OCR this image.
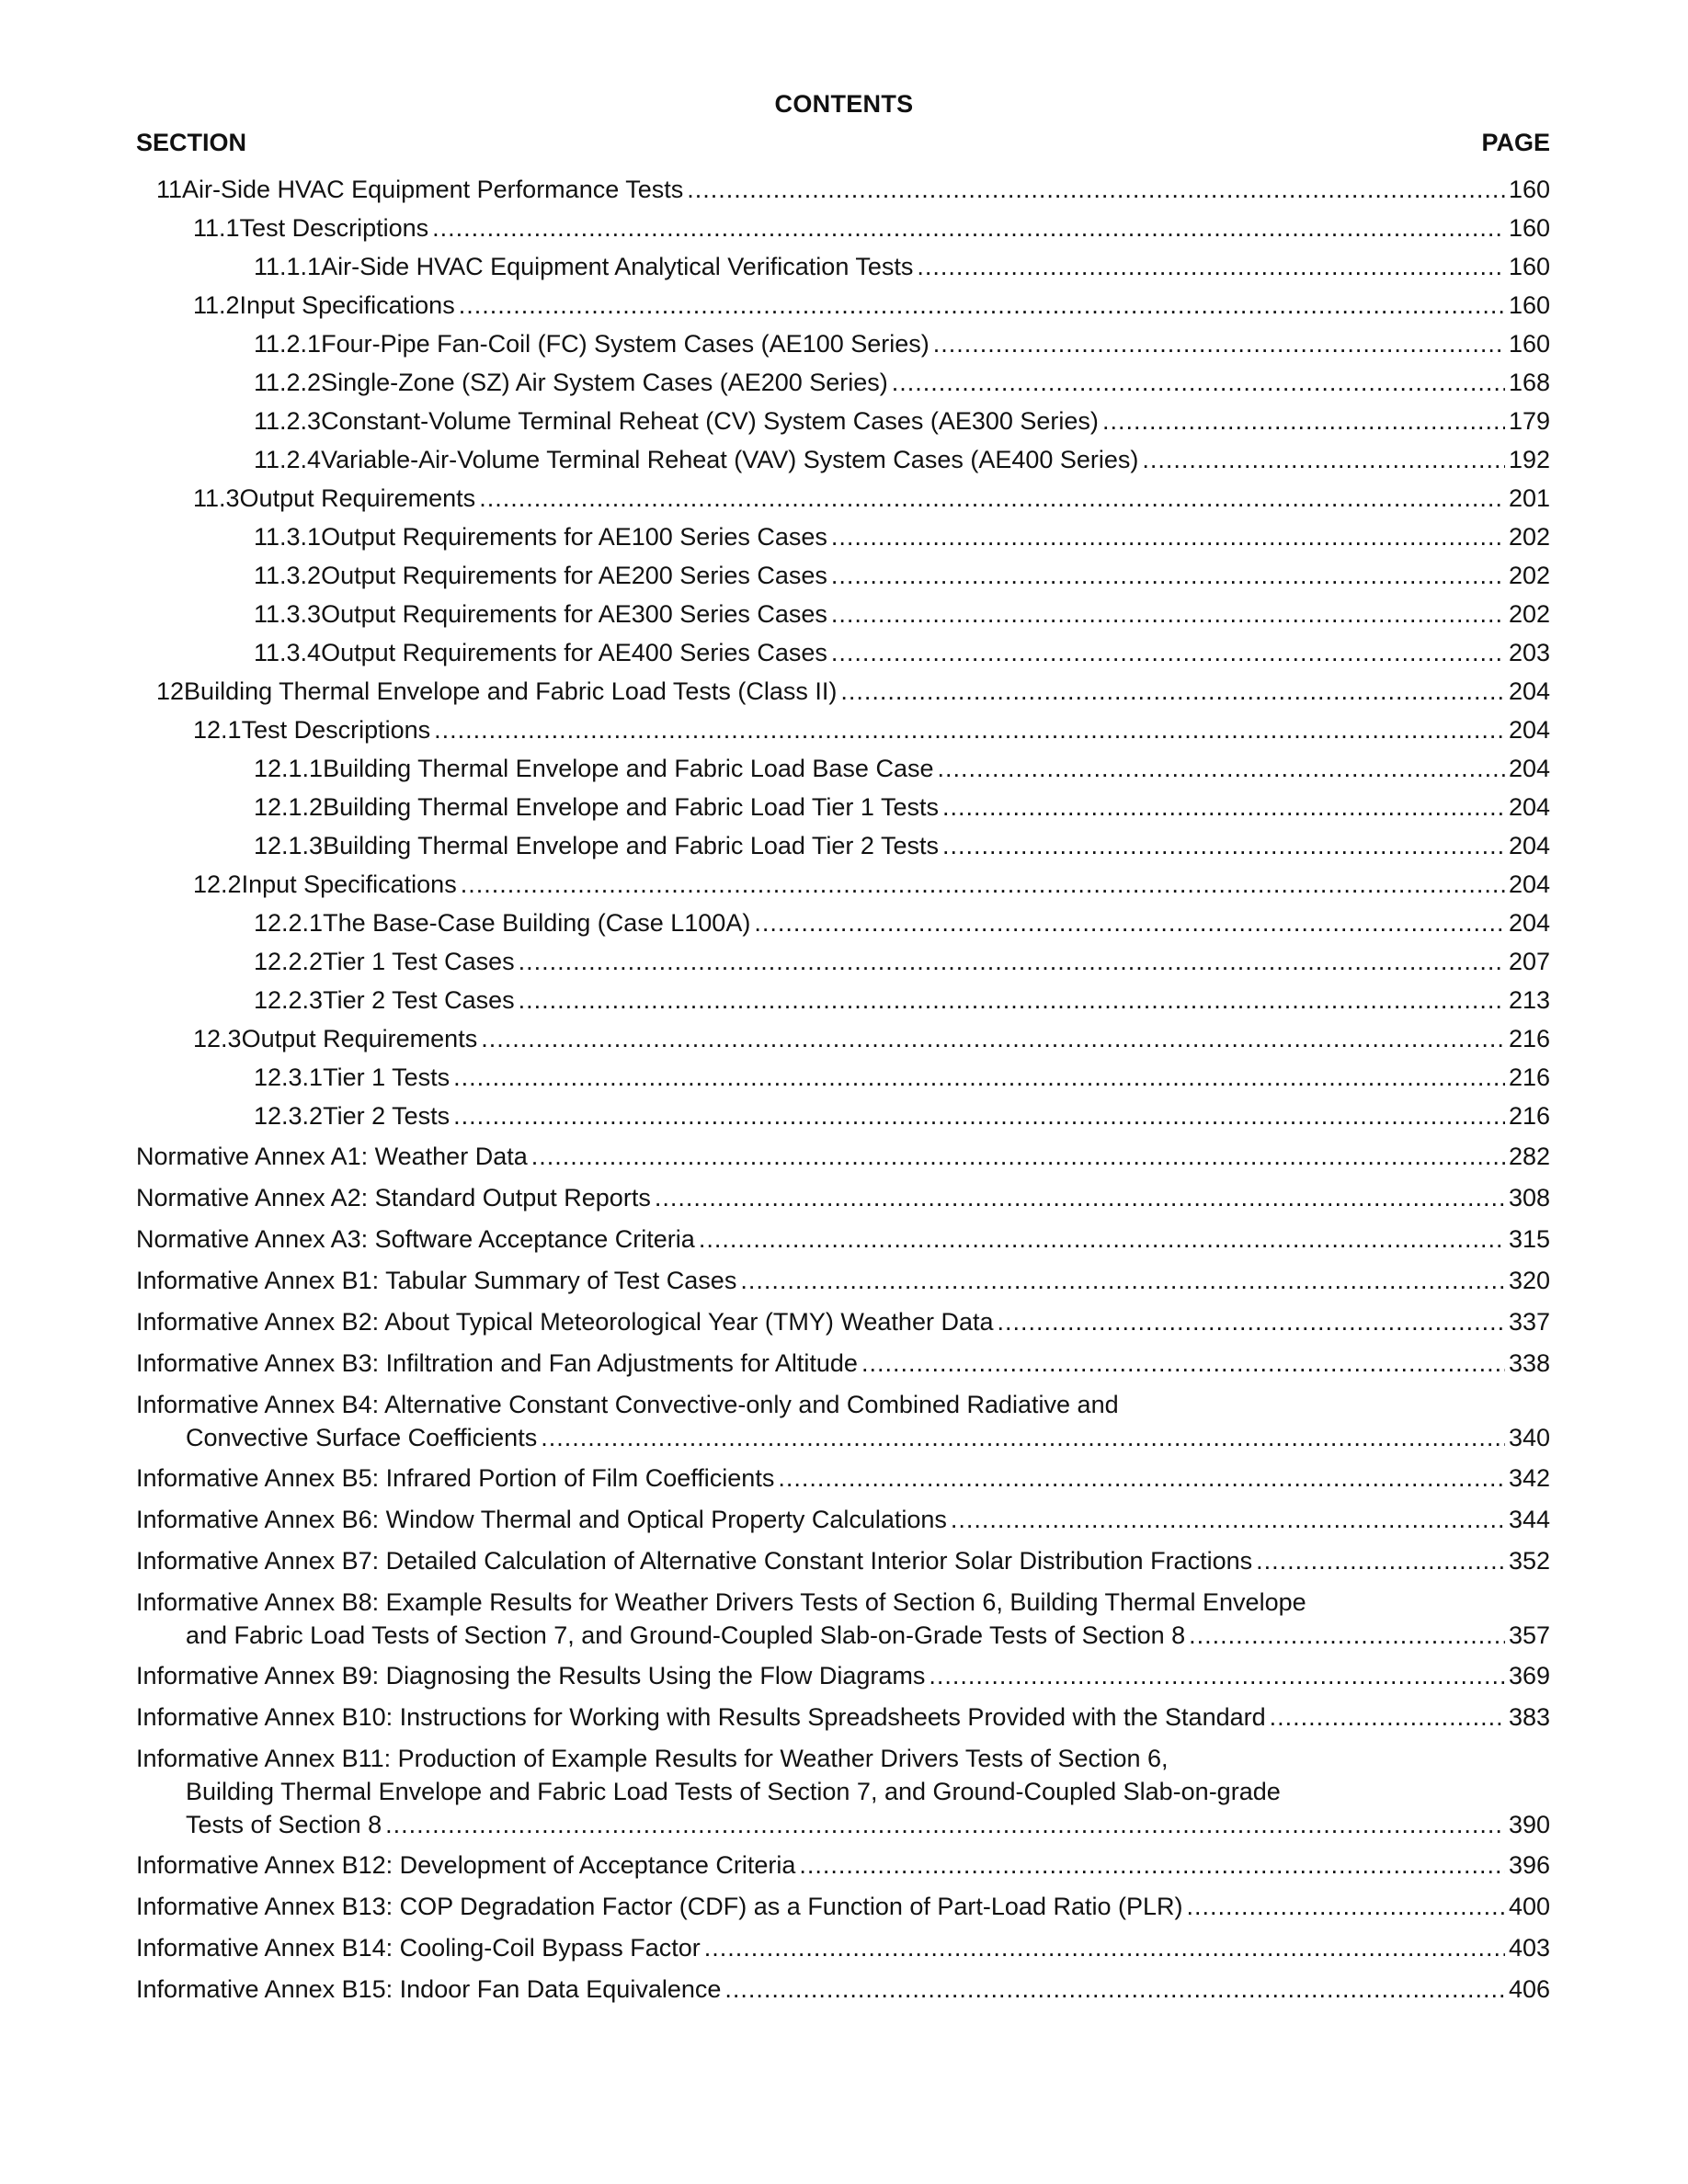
CONTENTS
SECTION	PAGE
11 Air-Side HVAC Equipment Performance Tests .....	160
11.1 Test Descriptions .....	160
11.1.1 Air-Side HVAC Equipment Analytical Verification Tests .....	160
11.2 Input Specifications .....	160
11.2.1 Four-Pipe Fan-Coil (FC) System Cases (AE100 Series) .....	160
11.2.2 Single-Zone (SZ) Air System Cases (AE200 Series) .....	168
11.2.3 Constant-Volume Terminal Reheat (CV) System Cases (AE300 Series) .....	179
11.2.4 Variable-Air-Volume Terminal Reheat (VAV) System Cases (AE400 Series) .....	192
11.3 Output Requirements .....	201
11.3.1 Output Requirements for AE100 Series Cases .....	202
11.3.2 Output Requirements for AE200 Series Cases .....	202
11.3.3 Output Requirements for AE300 Series Cases .....	202
11.3.4 Output Requirements for AE400 Series Cases .....	203
12 Building Thermal Envelope and Fabric Load Tests (Class II) .....	204
12.1 Test Descriptions .....	204
12.1.1 Building Thermal Envelope and Fabric Load Base Case .....	204
12.1.2 Building Thermal Envelope and Fabric Load Tier 1 Tests .....	204
12.1.3 Building Thermal Envelope and Fabric Load Tier 2 Tests .....	204
12.2 Input Specifications .....	204
12.2.1 The Base-Case Building (Case L100A) .....	204
12.2.2 Tier 1 Test Cases .....	207
12.2.3 Tier 2 Test Cases .....	213
12.3 Output Requirements .....	216
12.3.1 Tier 1 Tests .....	216
12.3.2 Tier 2 Tests .....	216
Normative Annex A1: Weather Data .....	282
Normative Annex A2: Standard Output Reports .....	308
Normative Annex A3: Software Acceptance Criteria .....	315
Informative Annex B1: Tabular Summary of Test Cases .....	320
Informative Annex B2: About Typical Meteorological Year (TMY) Weather Data .....	337
Informative Annex B3: Infiltration and Fan Adjustments for Altitude .....	338
Informative Annex B4: Alternative Constant Convective-only and Combined Radiative and
Convective Surface Coefficients .....	340
Informative Annex B5: Infrared Portion of Film Coefficients .....	342
Informative Annex B6: Window Thermal and Optical Property Calculations .....	344
Informative Annex B7: Detailed Calculation of Alternative Constant Interior Solar Distribution Fractions .....	352
Informative Annex B8: Example Results for Weather Drivers Tests of Section 6, Building Thermal Envelope
and Fabric Load Tests of Section 7, and Ground-Coupled Slab-on-Grade Tests of Section 8 .....	357
Informative Annex B9: Diagnosing the Results Using the Flow Diagrams .....	369
Informative Annex B10: Instructions for Working with Results Spreadsheets Provided with the Standard .....	383
Informative Annex B11: Production of Example Results for Weather Drivers Tests of Section 6,
Building Thermal Envelope and Fabric Load Tests of Section 7, and Ground-Coupled Slab-on-grade
Tests of Section 8 .....	390
Informative Annex B12: Development of Acceptance Criteria .....	396
Informative Annex B13: COP Degradation Factor (CDF) as a Function of Part-Load Ratio (PLR) .....	400
Informative Annex B14: Cooling-Coil Bypass Factor .....	403
Informative Annex B15: Indoor Fan Data Equivalence .....	406
